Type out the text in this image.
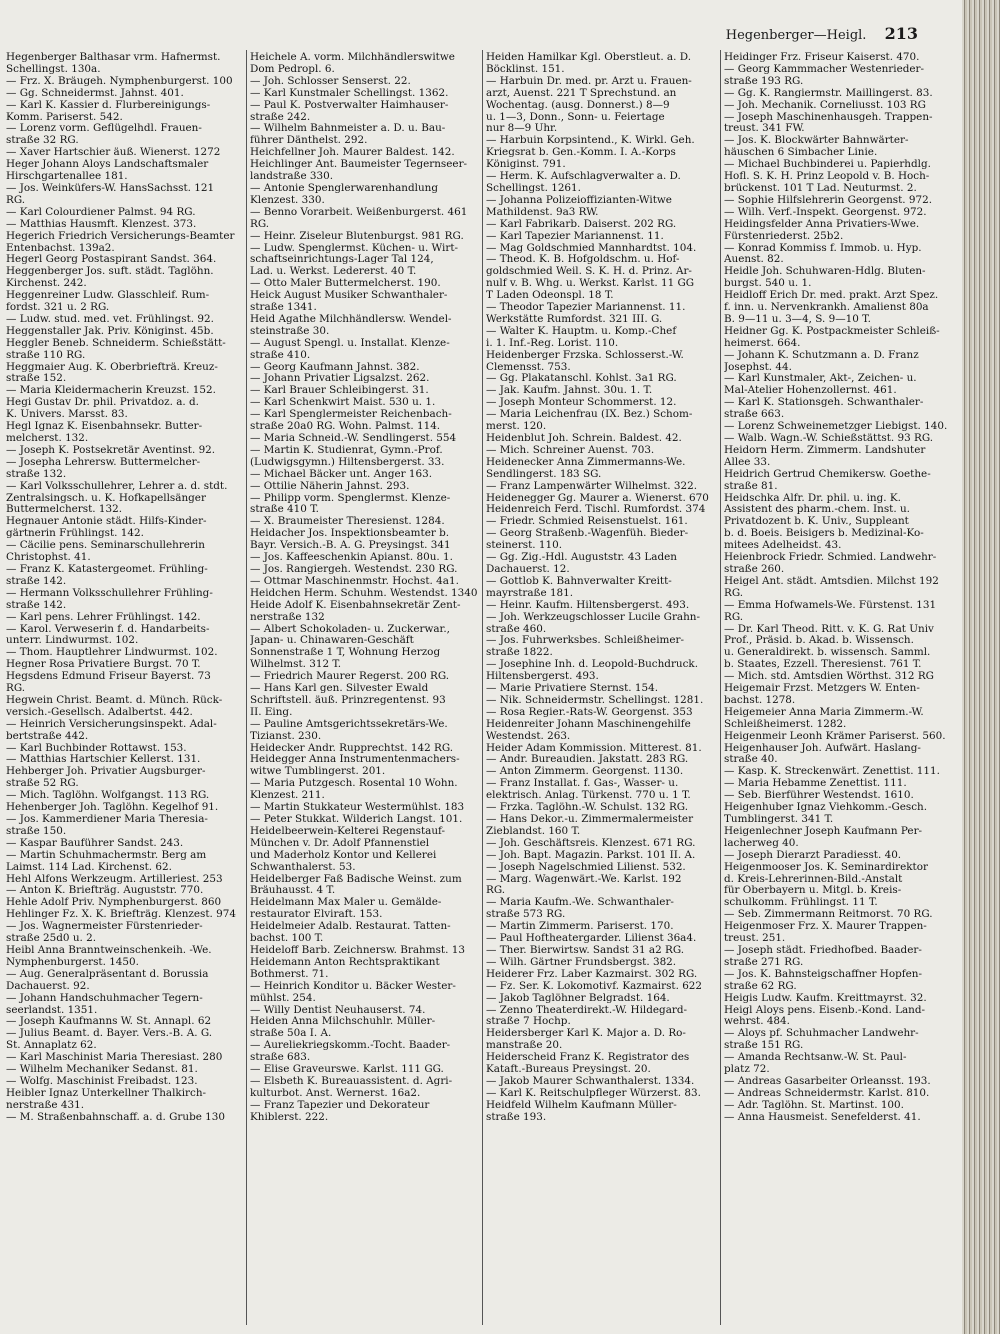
Hegenberger—Heigl. 213

Hegenberger Balthasar vrm. Hafnermst.

Schellingst. 130a.

— Frz. X. Bräugeh. Nymphenburgerst. 100

— Gg. Schneidermst. Jahnst. 401.

— Karl K. Kassier d. Flurbereinigungs-

Komm. Pariserst. 542.

— Lorenz vorm. Geflügelhdl. Frauen-

straße 32 RG.

— Xaver Hartschier äuß. Wienerst. 1272

Heger Johann Aloys Landschaftsmaler

Hirschgartenallee 181.

— Jos. Weinküfers-W. HansSachsst. 121

RG.

— Karl Colourdiener Palmst. 94 RG.

— Matthias Hausmft. Klenzest. 373.

Hegerich Friedrich Versicherungs-Beamter

Entenbachst. 139a2.

Hegerl Georg Postaspirant Sandst. 364.

Heggenberger Jos. suft. städt. Taglöhn.

Kirchenst. 242.

Heggenreiner Ludw. Glasschleif. Rum-

fordst. 321 u. 2 RG.

— Ludw. stud. med. vet. Frühlingst. 92.

Heggenstaller Jak. Priv. Königinst. 45b.

Heggler Beneb. Schneiderm. Schießstätt-

straße 110 RG.

Heggmaier Aug. K. Oberbriefträ. Kreuz-

straße 152.

— Maria Kleidermacherin Kreuzst. 152.

Hegi Gustav Dr. phil. Privatdoz. a. d.

K. Univers. Marsst. 83.

Hegl Ignaz K. Eisenbahnsekr. Butter-

melcherst. 132.

— Joseph K. Postsekretär Aventinst. 92.

— Josepha Lehrersw. Buttermelcher-

straße 132.

— Karl Volksschullehrer, Lehrer a. d. stdt.

Zentralsingsch. u. K. Hofkapellsänger

Buttermelcherst. 132.

Hegnauer Antonie städt. Hilfs-Kinder-

gärtnerin Frühlingst. 142.

— Cäcilie pens. Seminarschullehrerin

Christophst. 41.

— Franz K. Katastergeomet. Frühling-

straße 142.

— Hermann Volksschullehrer Frühling-

straße 142.

— Karl pens. Lehrer Frühlingst. 142.

— Karol. Verweserin f. d. Handarbeits-

unterr. Lindwurmst. 102.

— Thom. Hauptlehrer Lindwurmst. 102.

Hegner Rosa Privatiere Burgst. 70 T.

Hegsdens Edmund Friseur Bayerst. 73

RG.

Hegwein Christ. Beamt. d. Münch. Rück-

versich.-Gesellsch. Adalbertst. 442.

— Heinrich Versicherungsinspekt. Adal-

bertstraße 442.

— Karl Buchbinder Rottawst. 153.

— Matthias Hartschier Kellerst. 131.

Hehberger Joh. Privatier Augsburger-

straße 52 RG.

— Mich. Taglöhn. Wolfgangst. 113 RG.

Hehenberger Joh. Taglöhn. Kegelhof 91.

— Jos. Kammerdiener Maria Theresia-

straße 150.

— Kaspar Bauführer Sandst. 243.

— Martin Schuhmachermstr. Berg am

Laimst. 114 Lad. Kirchenst. 62.

Hehl Alfons Werkzeugm. Artilleriest. 253

— Anton K. Briefträg. Auguststr. 770.

Hehle Adolf Priv. Nymphenburgerst. 860

Hehlinger Fz. X. K. Briefträg. Klenzest. 974

— Jos. Wagnermeister Fürstenrieder-

straße 25d0 u. 2.

Heibl Anna Branntweinschenkeih. -We.

Nymphenburgerst. 1450.

— Aug. Generalpräsentant d. Borussia

Dachauerst. 92.

— Johann Handschuhmacher Tegern-

seerlandst. 1351.

— Joseph Kaufmanns W. St. Annapl. 62

— Julius Beamt. d. Bayer. Vers.-B. A. G.

St. Annaplatz 62.

— Karl Maschinist Maria Theresiast. 280

— Wilhelm Mechaniker Sedanst. 81.

— Wolfg. Maschinist Freibadst. 123.

Heibler Ignaz Unterkellner Thalkirch-

nerstraße 431.

— M. Straßenbahnschaff. a. d. Grube 130

Heichele A. vorm. Milchhändlerswitwe

Dom Pedropl. 6.

— Joh. Schlosser Senserst. 22.

— Karl Kunstmaler Schellingst. 1362.

— Paul K. Postverwalter Haimhauser-

straße 242.

— Wilhelm Bahnmeister a. D. u. Bau-

führer Dänthelst. 292.

Heichfellner Joh. Maurer Baldest. 142.

Heichlinger Ant. Baumeister Tegernseer-

landstraße 330.

— Antonie Spenglerwarenhandlung

Klenzest. 330.

— Benno Vorarbeit. Weißenburgerst. 461

RG.

— Heinr. Ziseleur Blutenburgst. 981 RG.

— Ludw. Spenglermst. Küchen- u. Wirt-

schaftseinrichtungs-Lager Tal 124,

Lad. u. Werkst. Ledererst. 40 T.

— Otto Maler Buttermelcherst. 190.

Heick August Musiker Schwanthaler-

straße 1341.

Heid Agathe Milchhändlersw. Wendel-

steinstraße 30.

— August Spengl. u. Installat. Klenze-

straße 410.

— Georg Kaufmann Jahnst. 382.

— Johann Privatier Ligsalzst. 262.

— Karl Brauer Schleibingerst. 31.

— Karl Schenkwirt Maist. 530 u. 1.

— Karl Spenglermeister Reichenbach-

straße 20a0 RG. Wohn. Palmst. 114.

— Maria Schneid.-W. Sendlingerst. 554

— Martin K. Studienrat, Gymn.-Prof.

(Ludwigsgymn.) Hiltensbergerst. 33.

— Michael Bäcker unt. Anger 163.

— Ottilie Näherin Jahnst. 293.

— Philipp vorm. Spenglermst. Klenze-

straße 410 T.

— X. Braumeister Theresienst. 1284.

Heidacher Jos. Inspektionsbeamter b.

Bayr. Versich.-B. A. G. Preysingst. 341

— Jos. Kaffeeschenkin Apianst. 80u. 1.

— Jos. Rangiergeh. Westendst. 230 RG.

— Ottmar Maschinenmstr. Hochst. 4a1.

Heidchen Herm. Schuhm. Westendst. 1340

Heide Adolf K. Eisenbahnsekretär Zent-

nerstraße 132

— Albert Schokoladen- u. Zuckerwar.,

Japan- u. Chinawaren-Geschäft

Sonnenstraße 1 T, Wohnung Herzog

Wilhelmst. 312 T.

— Friedrich Maurer Regerst. 200 RG.

— Hans Karl gen. Silvester Ewald

Schriftstell. äuß. Prinzregentenst. 93

II. Eing.

— Pauline Amtsgerichtssekretärs-We.

Tizianst. 230.

Heidecker Andr. Rupprechtst. 142 RG.

Heidegger Anna Instrumentenmachers-

witwe Tumblingerst. 201.

— Maria Putzgesch. Rosental 10 Wohn.

Klenzest. 211.

— Martin Stukkateur Westermühlst. 183

— Peter Stukkat. Wilderich Langst. 101.

Heidelbeerwein-Kelterei Regenstauf-

München v. Dr. Adolf Pfannenstiel

und Maderholz Kontor und Kellerei

Schwanthalerst. 53.

Heidelberger Faß Badische Weinst. zum

Bräuhausst. 4 T.

Heidelmann Max Maler u. Gemälde-

restaurator Elviraft. 153.

Heidelmeier Adalb. Restaurat. Tatten-

bachst. 100 T.

Heideloff Barb. Zeichnersw. Brahmst. 13

Heidemann Anton Rechtspraktikant

Bothmerst. 71.

— Heinrich Konditor u. Bäcker Wester-

mühlst. 254.

— Willy Dentist Neuhauserst. 74.

Heiden Anna Milchschuhlr. Müller-

straße 50a I. A.

— Aureliekriegskomm.-Tocht. Baader-

straße 683.

— Elise Graveurswe. Karlst. 111 GG.

— Elsbeth K. Bureauassistent. d. Agri-

kulturbot. Anst. Wernerst. 16a2.

— Franz Tapezier und Dekorateur

Khiblerst. 222.

Heiden Hamilkar Kgl. Oberstleut. a. D.

Böcklinst. 151.

— Harbuin Dr. med. pr. Arzt u. Frauen-

arzt, Auenst. 221 T Sprechstund. an

Wochentag. (ausg. Donnerst.) 8—9

u. 1—3, Donn., Sonn- u. Feiertage

nur 8—9 Uhr.

— Harbuin Korpsintend., K. Wirkl. Geh.

Kriegsrat b. Gen.-Komm. I. A.-Korps

Königinst. 791.

— Herm. K. Aufschlagverwalter a. D.

Schellingst. 1261.

— Johanna Polizeioffizianten-Witwe

Mathildenst. 9a3 RW.

— Karl Fabrikarb. Daiserst. 202 RG.

— Karl Tapezier Mariannenst. 11.

— Mag Goldschmied Mannhardtst. 104.

— Theod. K. B. Hofgoldschm. u. Hof-

goldschmied Weil. S. K. H. d. Prinz. Ar-

nulf v. B. Whg. u. Werkst. Karlst. 11 GG

T Laden Odeonspl. 18 T.

— Theodor Tapezier Mariannenst. 11.

Werkstätte Rumfordst. 321 III. G.

— Walter K. Hauptm. u. Komp.-Chef

i. 1. Inf.-Reg. Lorist. 110.

Heidenberger Frzska. Schlosserst.-W.

Clemensst. 753.

— Gg. Plakatanschl. Kohlst. 3a1 RG.

— Jak. Kaufm. Jahnst. 30u. 1. T.

— Joseph Monteur Schommerst. 12.

— Maria Leichenfrau (IX. Bez.) Schom-

merst. 120.

Heidenblut Joh. Schrein. Baldest. 42.

— Mich. Schreiner Auenst. 703.

Heidenecker Anna Zimmermanns-We.

Sendlingerst. 183 SG.

— Franz Lampenwärter Wilhelmst. 322.

Heidenegger Gg. Maurer a. Wienerst. 670

Heidenreich Ferd. Tischl. Rumfordst. 374

— Friedr. Schmied Reisenstuelst. 161.

— Georg Straßenb.-Wagenfüh. Bieder-

steinerst. 110.

— Gg. Zig.-Hdl. Auguststr. 43 Laden

Dachauerst. 12.

— Gottlob K. Bahnverwalter Kreitt-

mayrstraße 181.

— Heinr. Kaufm. Hiltensbergerst. 493.

— Joh. Werkzeugschlosser Lucile Grahn-

straße 460.

— Jos. Fuhrwerksbes. Schleißheimer-

straße 1822.

— Josephine Inh. d. Leopold-Buchdruck.

Hiltensbergerst. 493.

— Marie Privatiere Sternst. 154.

— Nik. Schneidermstr. Schellingst. 1281.

— Rosa Regier.-Rats-W. Georgenst. 353

Heidenreiter Johann Maschinengehilfe

Westendst. 263.

Heider Adam Kommission. Mitterest. 81.

— Andr. Bureaudien. Jakstatt. 283 RG.

— Anton Zimmerm. Georgenst. 1130.

— Franz Installat. f. Gas-, Wasser- u.

elektrisch. Anlag. Türkenst. 770 u. 1 T.

— Frzka. Taglöhn.-W. Schulst. 132 RG.

— Hans Dekor.-u. Zimmermalermeister

Zieblandst. 160 T.

— Joh. Geschäftsreis. Klenzest. 671 RG.

— Joh. Bapt. Magazin. Parkst. 101 II. A.

— Joseph Nagelschmied Lilienst. 532.

— Marg. Wagenwärt.-We. Karlst. 192

RG.

— Maria Kaufm.-We. Schwanthaler-

straße 573 RG.

— Martin Zimmerm. Pariserst. 170.

— Paul Hoftheatergarder. Lilienst 36a4.

— Ther. Bierwirtsw. Sandst 31 a2 RG.

— Wilh. Gärtner Frundsbergst. 382.

Heiderer Frz. Laber Kazmairst. 302 RG.

— Fz. Ser. K. Lokomotivf. Kazmairst. 622

— Jakob Taglöhner Belgradst. 164.

— Zenno Theaterdirekt.-W. Hildegard-

straße 7 Hochp.

Heidersberger Karl K. Major a. D. Ro-

manstraße 20.

Heiderscheid Franz K. Registrator des

Kataft.-Bureaus Preysingst. 20.

— Jakob Maurer Schwanthalerst. 1334.

— Karl K. Reitschulpfleger Würzerst. 83.

Heidfeld Wilhelm Kaufmann Müller-

straße 193.

Heidinger Frz. Friseur Kaiserst. 470.

— Georg Kammmacher Westenrieder-

straße 193 RG.

— Gg. K. Rangiermstr. Maillingerst. 83.

— Joh. Mechanik. Corneliusst. 103 RG

— Joseph Maschinenhausgeh. Trappen-

treust. 341 FW.

— Jos. K. Blockwärter Bahnwärter-

häuschen 6 Simbacher Linie.

— Michael Buchbinderei u. Papierhdlg.

Hofl. S. K. H. Prinz Leopold v. B. Hoch-

brückenst. 101 T Lad. Neuturmst. 2.

— Sophie Hilfslehrerin Georgenst. 972.

— Wilh. Verf.-Inspekt. Georgenst. 972.

Heidingsfelder Anna Privatiers-Wwe.

Fürstenriederst. 25b2.

— Konrad Kommiss f. Immob. u. Hyp.

Auenst. 82.

Heidle Joh. Schuhwaren-Hdlg. Bluten-

burgst. 540 u. 1.

Heidloff Erich Dr. med. prakt. Arzt Spez.

f. inn. u. Nervenkrankh. Amalienst 80a

B. 9—11 u. 3—4, S. 9—10 T.

Heidner Gg. K. Postpackmeister Schleiß-

heimerst. 664.

— Johann K. Schutzmann a. D. Franz

Josephst. 44.

— Karl Kunstmaler, Akt-, Zeichen- u.

Mal-Atelier Hohenzollernst. 461.

— Karl K. Stationsgeh. Schwanthaler-

straße 663.

— Lorenz Schweinemetzger Liebigst. 140.

— Walb. Wagn.-W. Schießstättst. 93 RG.

Heidorn Herm. Zimmerm. Landshuter

Allee 33.

Heidrich Gertrud Chemikersw. Goethe-

straße 81.

Heidschka Alfr. Dr. phil. u. ing. K.

Assistent des pharm.-chem. Inst. u.

Privatdozent b. K. Univ., Suppleant

b. d. Boeis. Beisigers b. Medizinal-Ko-

mitees Adelheidst. 43.

Heienbrock Friedr. Schmied. Landwehr-

straße 260.

Heigel Ant. städt. Amtsdien. Milchst 192

RG.

— Emma Hofwamels-We. Fürstenst. 131

RG.

— Dr. Karl Theod. Ritt. v. K. G. Rat Univ

Prof., Präsid. b. Akad. b. Wissensch.

u. Generaldirekt. b. wissensch. Samml.

b. Staates, Ezzell. Theresienst. 761 T.

— Mich. std. Amtsdien Wörthst. 312 RG

Heigemair Frzst. Metzgers W. Enten-

bachst. 1278.

Heigemeier Anna Maria Zimmerm.-W.

Schleißheimerst. 1282.

Heigenmeir Leonh Krämer Pariserst. 560.

Heigenhauser Joh. Aufwärt. Haslang-

straße 40.

— Kasp. K. Streckenwärt. Zenettist. 111.

— Maria Hebamme Zenettist. 111.

— Seb. Bierführer Westendst. 1610.

Heigenhuber Ignaz Viehkomm.-Gesch.

Tumblingerst. 341 T.

Heigenlechner Joseph Kaufmann Per-

lacherweg 40.

— Joseph Dierarzt Paradiesst. 40.

Heigenmooser Jos. K. Seminardirektor

d. Kreis-Lehrerinnen-Bild.-Anstalt

für Oberbayern u. Mitgl. b. Kreis-

schulkomm. Frühlingst. 11 T.

— Seb. Zimmermann Reitmorst. 70 RG.

Heigenmoser Frz. X. Maurer Trappen-

treust. 251.

— Joseph städt. Friedhofbed. Baader-

straße 271 RG.

— Jos. K. Bahnsteigschaffner Hopfen-

straße 62 RG.

Heigis Ludw. Kaufm. Kreittmayrst. 32.

Heigl Aloys pens. Eisenb.-Kond. Land-

wehrst. 484.

— Aloys pf. Schuhmacher Landwehr-

straße 151 RG.

— Amanda Rechtsanw.-W. St. Paul-

platz 72.

— Andreas Gasarbeiter Orleansst. 193.

— Andreas Schneidermstr. Karlst. 810.

— Adr. Taglöhn. St. Martinst. 100.

— Anna Hausmeist. Senefelderst. 41.
